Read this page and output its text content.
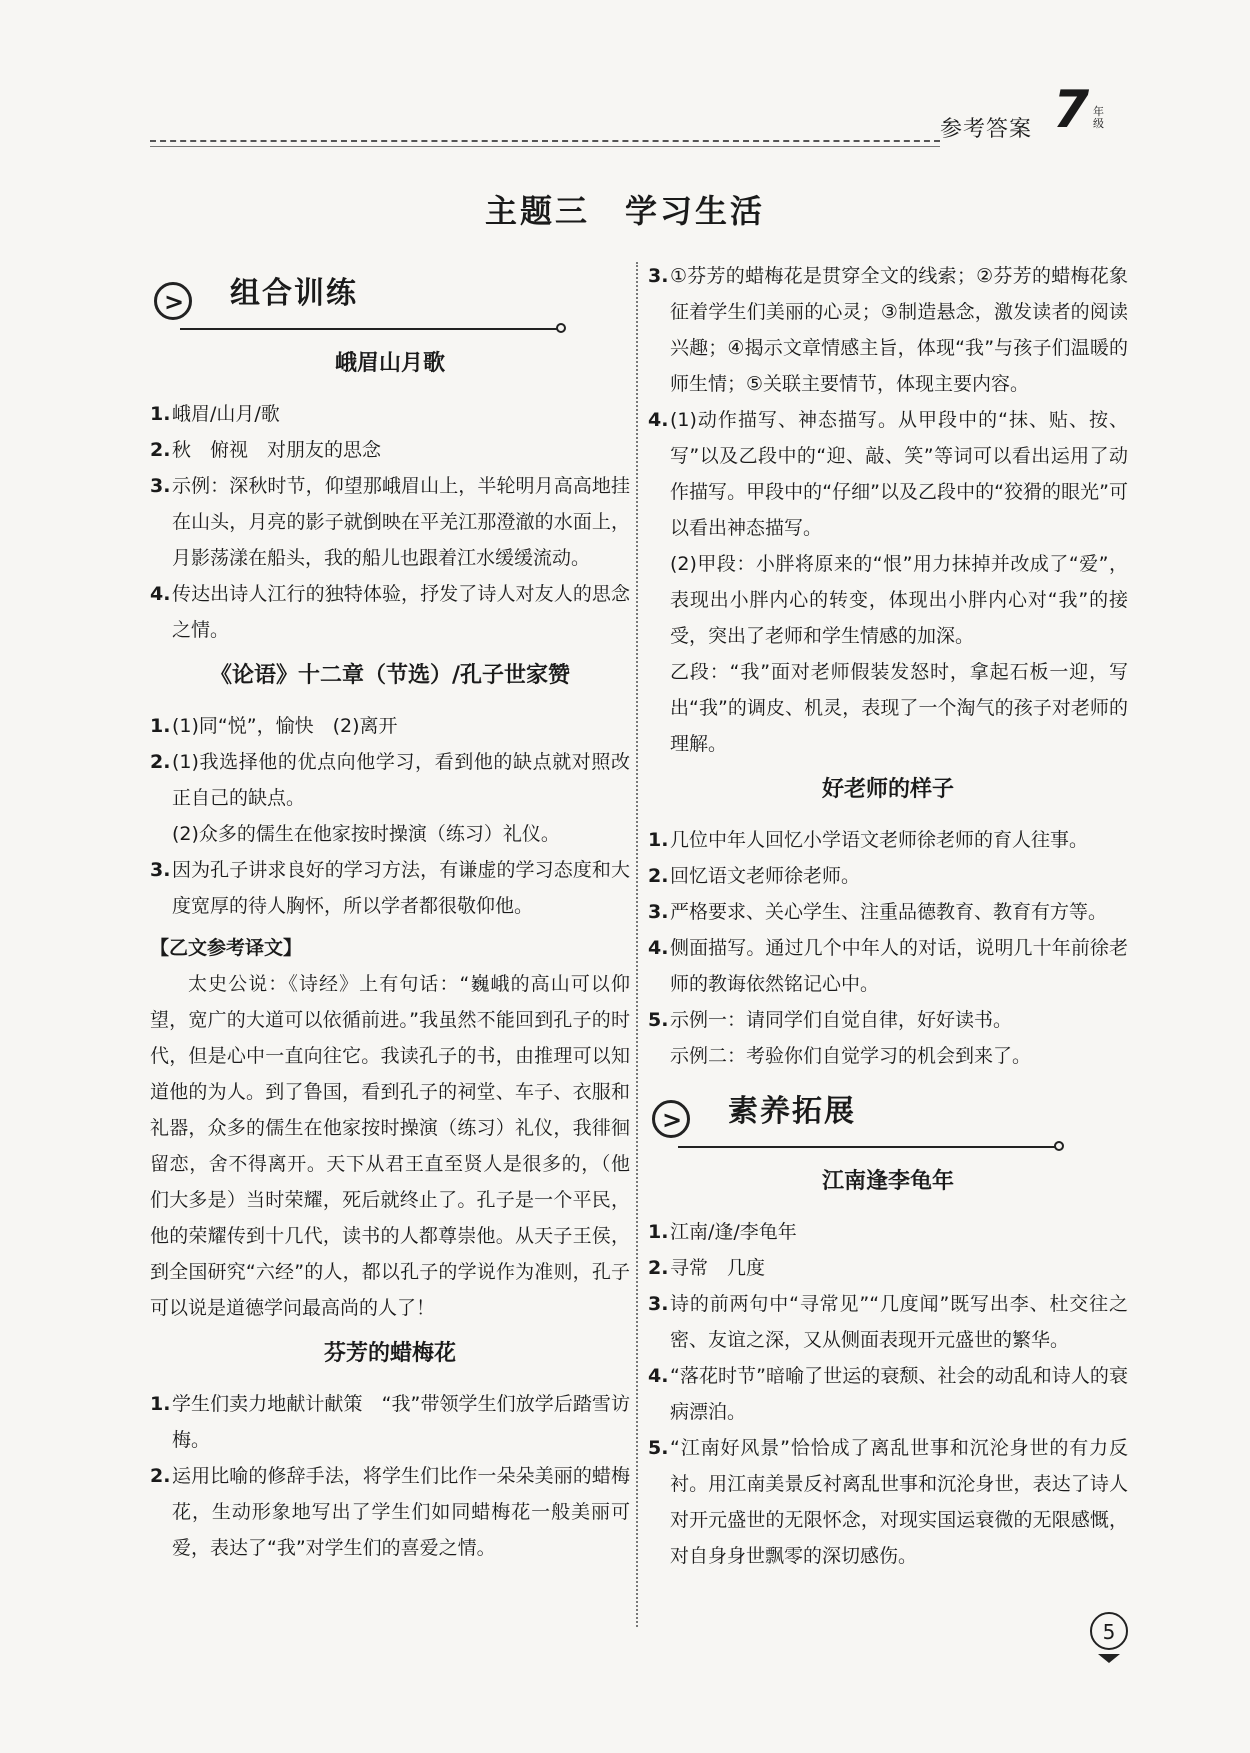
参考答案 7 年级
主题三　学习生活
> 组合训练
峨眉山月歌
1. 峨眉/山月/歌
2. 秋　俯视　对朋友的思念
3. 示例：深秋时节，仰望那峨眉山上，半轮明月高高地挂在山头，月亮的影子就倒映在平羌江那澄澈的水面上，月影荡漾在船头，我的船儿也跟着江水缓缓流动。
4. 传达出诗人江行的独特体验，抒发了诗人对友人的思念之情。
《论语》十二章（节选）/孔子世家赞
1. (1)同“悦”，愉快　(2)离开
2. (1)我选择他的优点向他学习，看到他的缺点就对照改正自己的缺点。
(2)众多的儒生在他家按时操演（练习）礼仪。
3. 因为孔子讲求良好的学习方法，有谦虚的学习态度和大度宽厚的待人胸怀，所以学者都很敬仰他。
【乙文参考译文】
太史公说：《诗经》上有句话：“巍峨的高山可以仰望，宽广的大道可以依循前进。”我虽然不能回到孔子的时代，但是心中一直向往它。我读孔子的书，由推理可以知道他的为人。到了鲁国，看到孔子的祠堂、车子、衣服和礼器，众多的儒生在他家按时操演（练习）礼仪，我徘徊留恋，舍不得离开。天下从君王直至贤人是很多的，（他们大多是）当时荣耀，死后就终止了。孔子是一个平民，他的荣耀传到十几代，读书的人都尊崇他。从天子王侯，到全国研究“六经”的人，都以孔子的学说作为准则，孔子可以说是道德学问最高尚的人了！
芬芳的蜡梅花
1. 学生们卖力地献计献策　“我”带领学生们放学后踏雪访梅。
2. 运用比喻的修辞手法，将学生们比作一朵朵美丽的蜡梅花，生动形象地写出了学生们如同蜡梅花一般美丽可爱，表达了“我”对学生们的喜爱之情。
3. ①芬芳的蜡梅花是贯穿全文的线索；②芬芳的蜡梅花象征着学生们美丽的心灵；③制造悬念，激发读者的阅读兴趣；④揭示文章情感主旨，体现“我”与孩子们温暖的师生情；⑤关联主要情节，体现主要内容。
4. (1)动作描写、神态描写。从甲段中的“抹、贴、按、写”以及乙段中的“迎、敲、笑”等词可以看出运用了动作描写。甲段中的“仔细”以及乙段中的“狡猾的眼光”可以看出神态描写。
(2)甲段：小胖将原来的“恨”用力抹掉并改成了“爱”，表现出小胖内心的转变，体现出小胖内心对“我”的接受，突出了老师和学生情感的加深。
乙段：“我”面对老师假装发怒时，拿起石板一迎，写出“我”的调皮、机灵，表现了一个淘气的孩子对老师的理解。
好老师的样子
1. 几位中年人回忆小学语文老师徐老师的育人往事。
2. 回忆语文老师徐老师。
3. 严格要求、关心学生、注重品德教育、教育有方等。
4. 侧面描写。通过几个中年人的对话，说明几十年前徐老师的教诲依然铭记心中。
5. 示例一：请同学们自觉自律，好好读书。
示例二：考验你们自觉学习的机会到来了。
> 素养拓展
江南逢李龟年
1. 江南/逢/李龟年
2. 寻常　几度
3. 诗的前两句中“寻常见”“几度闻”既写出李、杜交往之密、友谊之深，又从侧面表现开元盛世的繁华。
4. “落花时节”暗喻了世运的衰颓、社会的动乱和诗人的衰病漂泊。
5. “江南好风景”恰恰成了离乱世事和沉沦身世的有力反衬。用江南美景反衬离乱世事和沉沦身世，表达了诗人对开元盛世的无限怀念，对现实国运衰微的无限感慨，对自身身世飘零的深切感伤。
5
